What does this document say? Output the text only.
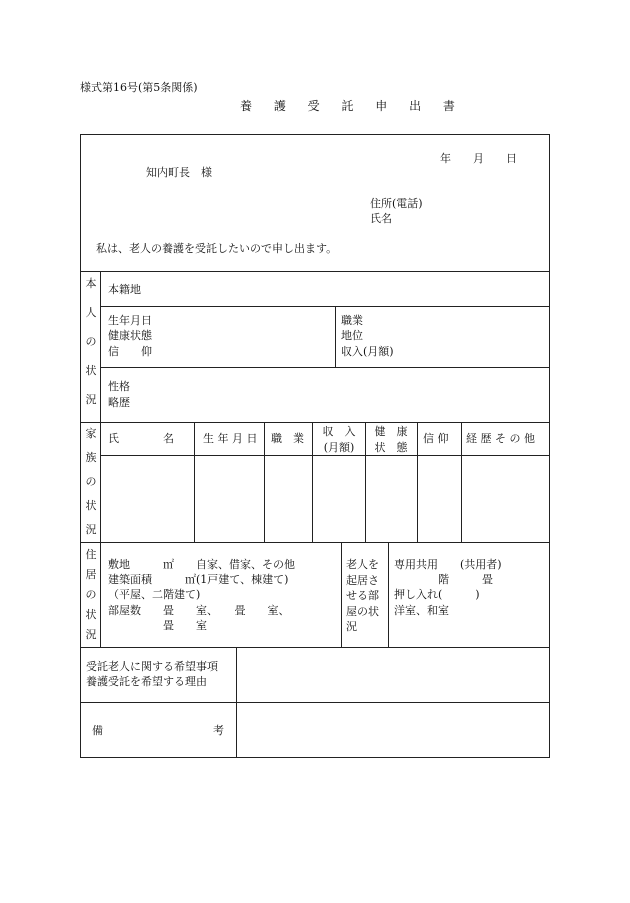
様式第16号(第5条関係)
養 護 受 託 申 出 書
年　　月　　日
知内町長　様
住所(電話)
氏名
私は、老人の養護を受託したいので申し出ます。
本
人
の
状
況
本籍地
生年月日
健康状態
信　　仰
職業
地位
収入(月額)
性格
略歴
家
族
の
状
況
氏　　　　名	生 年 月 日 職　業
収　入
(月額)
健　康
状　態
信 仰 経 歴 そ の 他
住
居
の
状
況
敷地　　　㎡　　自家、借家、その他
建築面積　　　㎡(1戸建て、棟建て)
（平屋、二階建て)
部屋数　　畳　　室、　　畳　　室、
　　　　　畳　　室
老人を
起居さ
せる部
屋の状
況
専用共用　　(共用者)
　　　　階　　　畳
押し入れ(　　　)
洋室、和室
受託老人に関する希望事項
養護受託を希望する理由
備	考
